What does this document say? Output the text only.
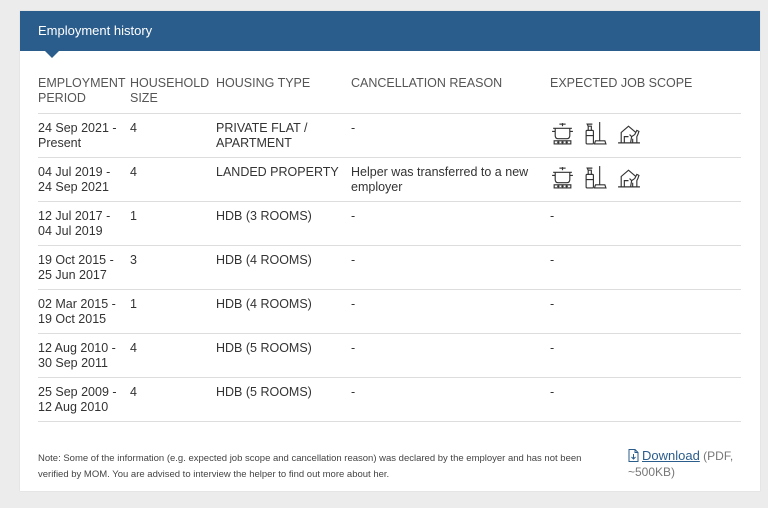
Employment history
EMPLOYMENT PERIOD	HOUSEHOLD SIZE	HOUSING TYPE	CANCELLATION REASON	EXPECTED JOB SCOPE
24 Sep 2021 - Present	4	PRIVATE FLAT / APARTMENT	-	

04 Jul 2019 - 24 Sep 2021	4	LANDED PROPERTY	Helper was transferred to a new employer	

12 Jul 2017 - 04 Jul 2019	1	HDB (3 ROOMS)	-	-
19 Oct 2015 - 25 Jun 2017	3	HDB (4 ROOMS)	-	-
02 Mar 2015 - 19 Oct 2015	1	HDB (4 ROOMS)	-	-
12 Aug 2010 - 30 Sep 2011	4	HDB (5 ROOMS)	-	-
25 Sep 2009 - 12 Aug 2010	4	HDB (5 ROOMS)	-	-
Note: Some of the information (e.g. expected job scope and cancellation reason) was declared by the employer and has not been verified by MOM. You are advised to interview the helper to find out more about her.
Download (PDF, ~500KB)
